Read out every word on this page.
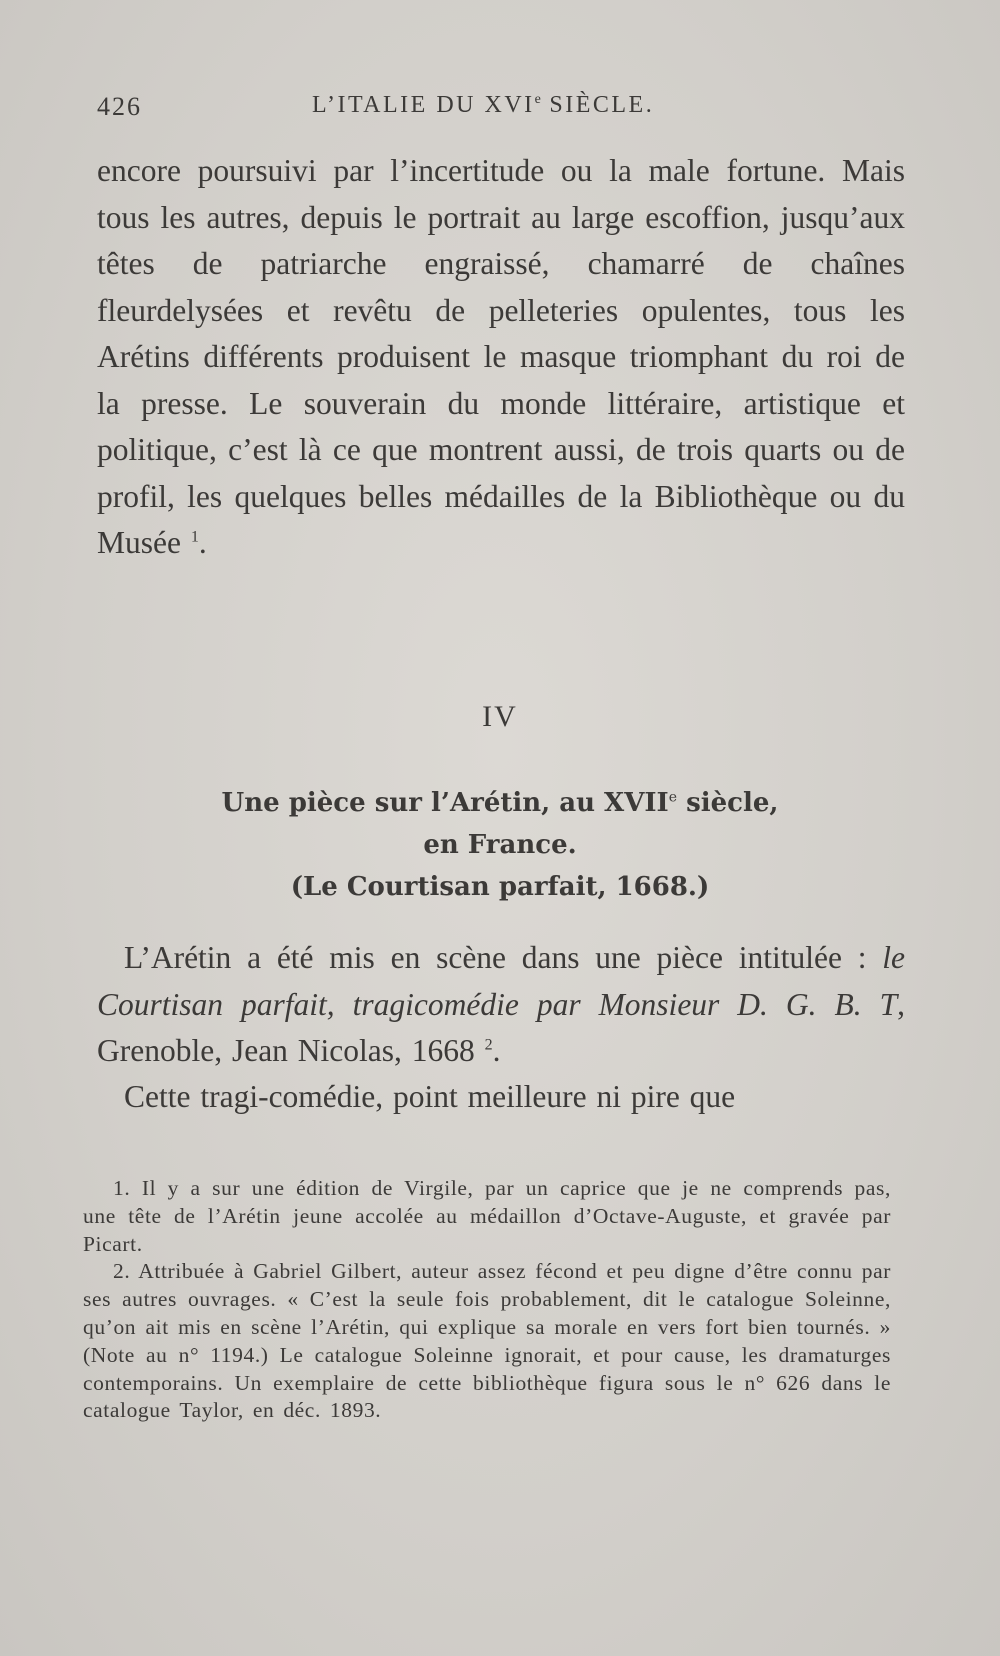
426	L’ITALIE DU XVIe SIÈCLE.

encore poursuivi par l’incertitude ou la male fortune. Mais tous les autres, depuis le portrait au large escoffion, jusqu’aux têtes de patriarche engraissé, chamarré de chaînes fleurdelysées et revêtu de pelleteries opulentes, tous les Arétins différents produisent le masque triomphant du roi de la presse. Le souverain du monde littéraire, artistique et politique, c’est là ce que montrent aussi, de trois quarts ou de profil, les quelques belles médailles de la Bibliothèque ou du Musée $^1$.

IV

Une pièce sur l’Arétin, au XVIIe siècle,
en France.
(Le Courtisan parfait, 1668.)

L’Arétin a été mis en scène dans une pièce intitulée : le Courtisan parfait, tragicomédie par Monsieur D. G. B. T, Grenoble, Jean Nicolas, 1668 $^2$.

Cette tragi-comédie, point meilleure ni pire que

1. Il y a sur une édition de Virgile, par un caprice que je ne comprends pas, une tête de l’Arétin jeune accolée au médaillon d’Octave-Auguste, et gravée par Picart.

2. Attribuée à Gabriel Gilbert, auteur assez fécond et peu digne d’être connu par ses autres ouvrages. « C’est la seule fois probablement, dit le catalogue Soleinne, qu’on ait mis en scène l’Arétin, qui explique sa morale en vers fort bien tournés. » (Note au n° 1194.) Le catalogue Soleinne ignorait, et pour cause, les dramaturges contemporains. Un exemplaire de cette bibliothèque figura sous le n° 626 dans le catalogue Taylor, en déc. 1893.
